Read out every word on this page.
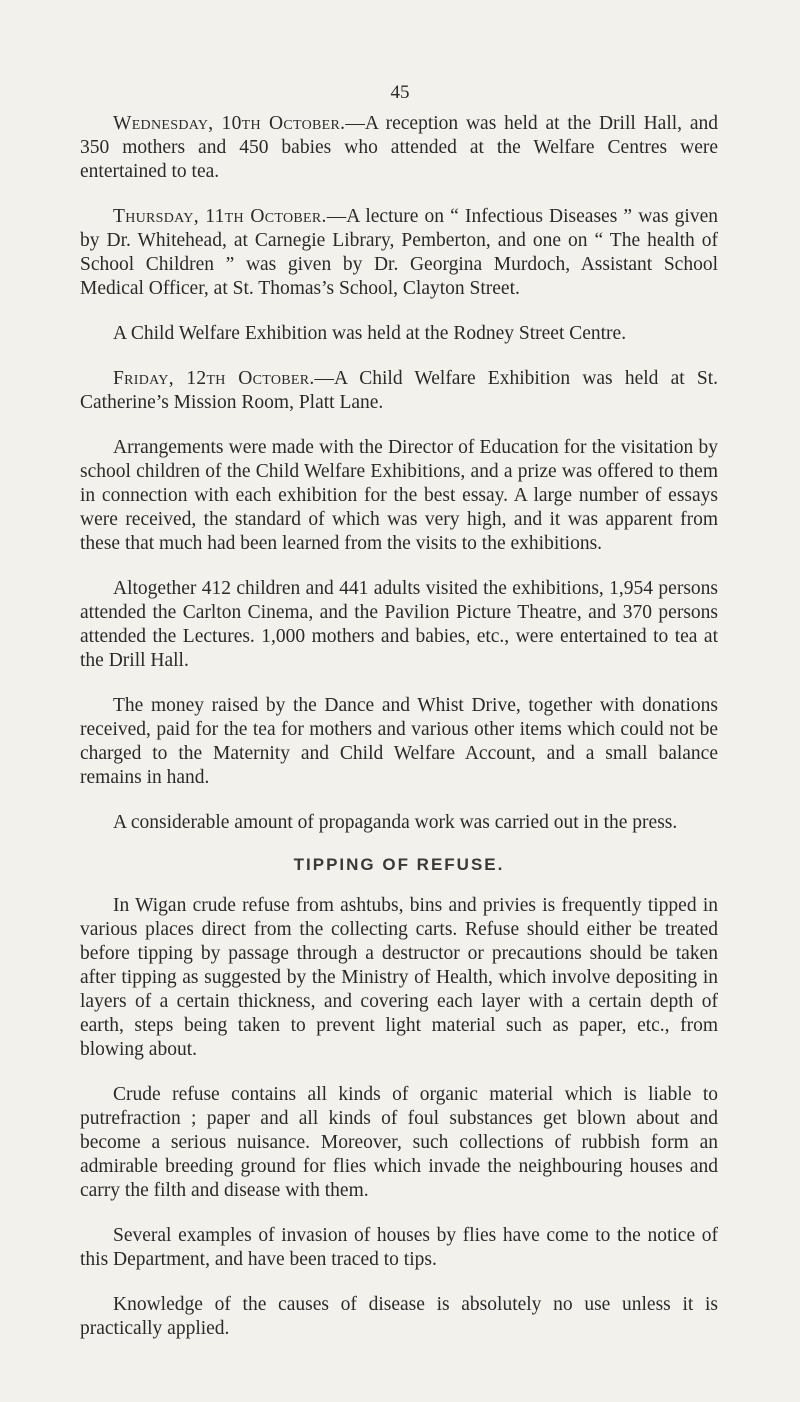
45

Wednesday, 10th October.—A reception was held at the Drill Hall, and 350 mothers and 450 babies who attended at the Welfare Centres were entertained to tea.

Thursday, 11th October.—A lecture on “ Infectious Diseases ” was given by Dr. Whitehead, at Carnegie Library, Pemberton, and one on “ The health of School Children ” was given by Dr. Georgina Murdoch, Assistant School Medical Officer, at St. Thomas’s School, Clayton Street.

A Child Welfare Exhibition was held at the Rodney Street Centre.

Friday, 12th October.—A Child Welfare Exhibition was held at St. Catherine’s Mission Room, Platt Lane.

Arrangements were made with the Director of Education for the visitation by school children of the Child Welfare Exhibitions, and a prize was offered to them in connection with each exhibition for the best essay. A large number of essays were received, the standard of which was very high, and it was apparent from these that much had been learned from the visits to the exhibitions.

Altogether 412 children and 441 adults visited the exhibitions, 1,954 persons attended the Carlton Cinema, and the Pavilion Picture Theatre, and 370 persons attended the Lectures. 1,000 mothers and babies, etc., were entertained to tea at the Drill Hall.

The money raised by the Dance and Whist Drive, together with donations received, paid for the tea for mothers and various other items which could not be charged to the Maternity and Child Welfare Account, and a small balance remains in hand.

A considerable amount of propaganda work was carried out in the press.

TIPPING OF REFUSE.

In Wigan crude refuse from ashtubs, bins and privies is frequently tipped in various places direct from the collecting carts. Refuse should either be treated before tipping by passage through a destructor or precautions should be taken after tipping as suggested by the Ministry of Health, which involve depositing in layers of a certain thickness, and covering each layer with a certain depth of earth, steps being taken to prevent light material such as paper, etc., from blowing about.

Crude refuse contains all kinds of organic material which is liable to putrefraction ; paper and all kinds of foul substances get blown about and become a serious nuisance. Moreover, such collections of rubbish form an admirable breeding ground for flies which invade the neighbouring houses and carry the filth and disease with them.

Several examples of invasion of houses by flies have come to the notice of this Department, and have been traced to tips.

Knowledge of the causes of disease is absolutely no use unless it is practically applied.
